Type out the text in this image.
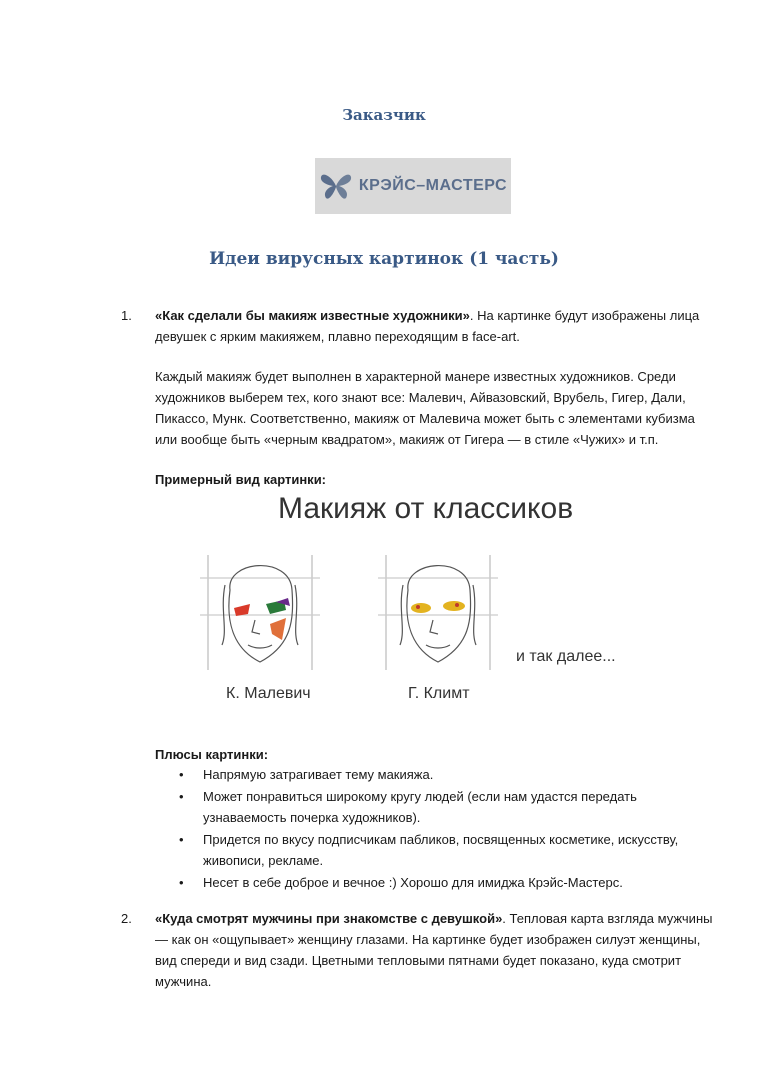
Заказчик
КРЭЙС–МАСТЕРС
Идеи вирусных картинок (1 часть)
1. «Как сделали бы макияж известные художники». На картинке будут изображены лица девушек с ярким макияжем, плавно переходящим в face-art.

Каждый макияж будет выполнен в характерной манере известных художников. Среди художников выберем тех, кого знают все: Малевич, Айвазовский, Врубель, Гигер, Дали, Пикассо, Мунк. Соответственно, макияж от Малевича может быть с элементами кубизма или вообще быть «черным квадратом», макияж от Гигера — в стиле «Чужих» и т.п.

Примерный вид картинки:

Макияж от классиков
К. Малевич	Г. Климт
и так далее...

Плюсы картинки:

• Напрямую затрагивает тему макияжа.
• Может понравиться широкому кругу людей (если нам удастся передать узнаваемость почерка художников).
• Придется по вкусу подписчикам пабликов, посвященных косметике, искусству, живописи, рекламе.
• Несет в себе доброе и вечное :) Хорошо для имиджа Крэйс-Мастерс.
2. «Куда смотрят мужчины при знакомстве с девушкой». Тепловая карта взгляда мужчины — как он «ощупывает» женщину глазами. На картинке будет изображен силуэт женщины, вид спереди и вид сзади. Цветными тепловыми пятнами будет показано, куда смотрит мужчина.
